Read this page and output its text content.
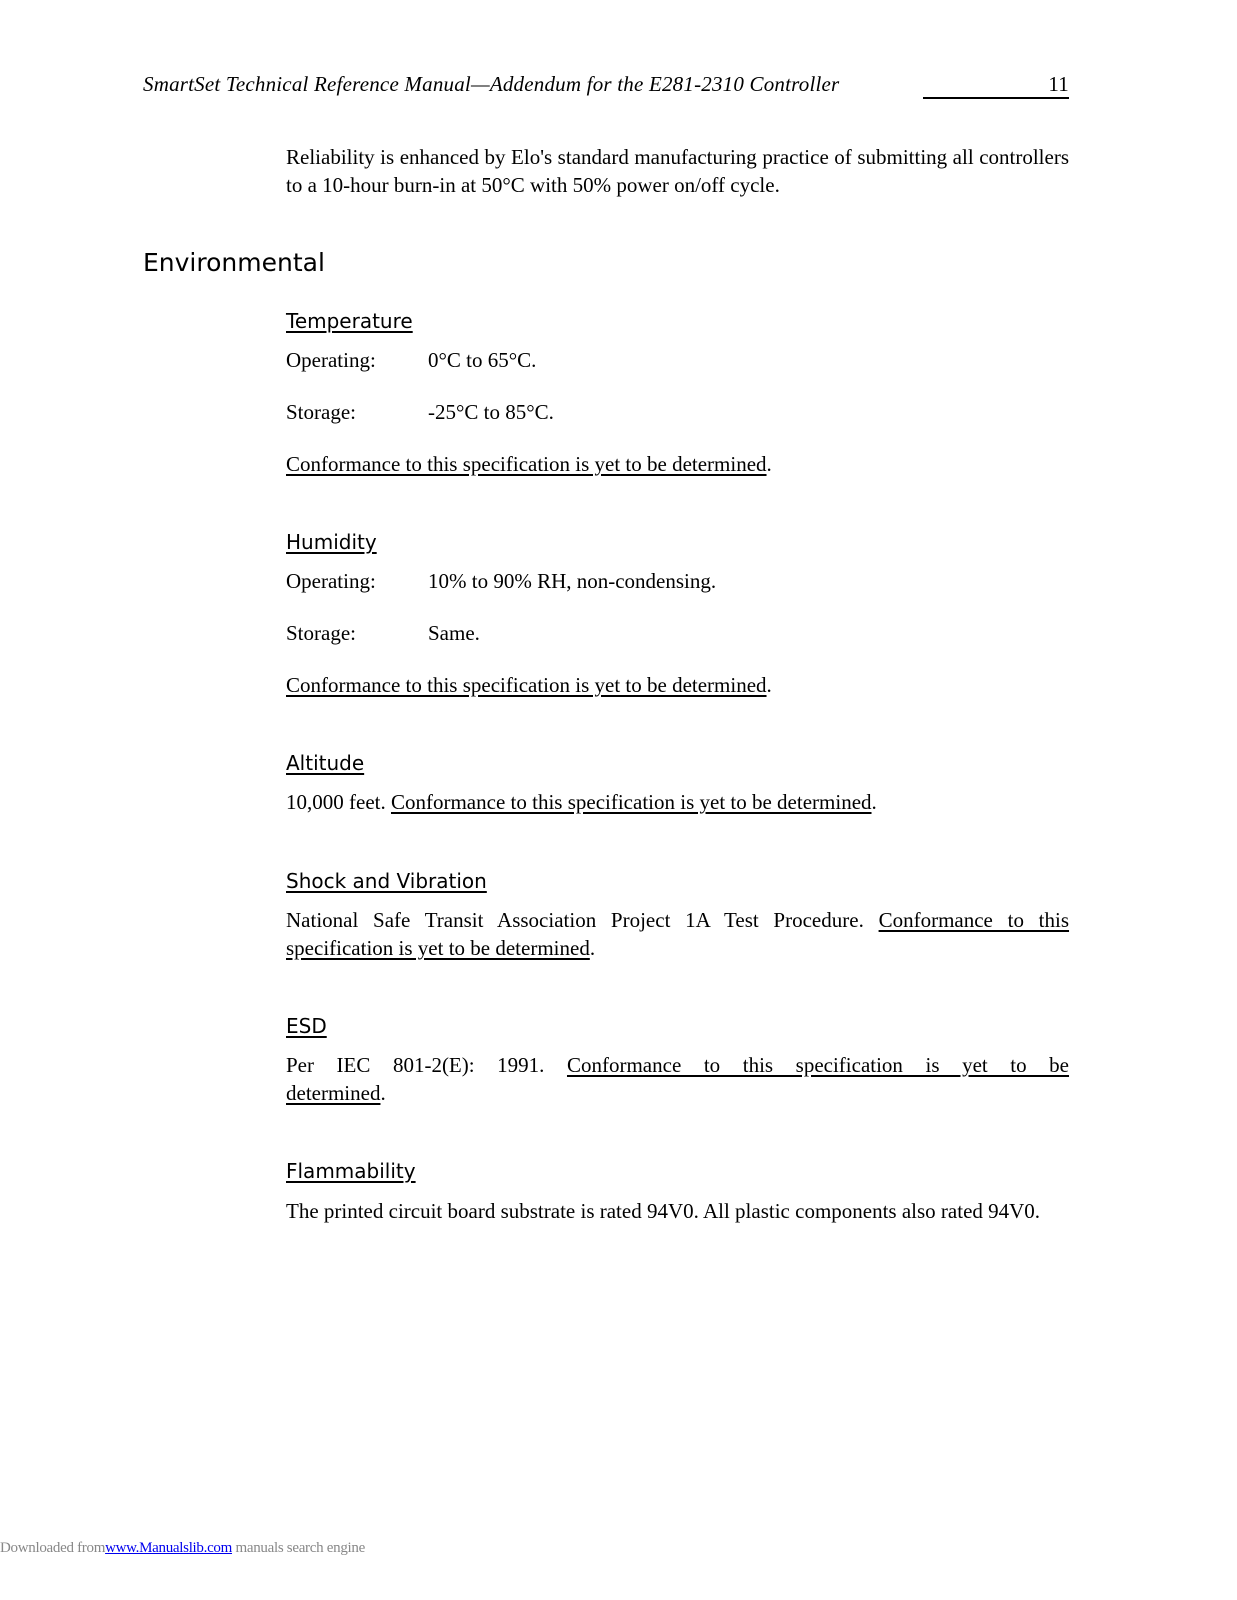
SmartSet Technical Reference Manual—Addendum for the E281-2310 Controller	11
Reliability is enhanced by Elo's standard manufacturing practice of submitting all controllers to a 10-hour burn-in at 50°C with 50% power on/off cycle.
Environmental
Temperature
Operating: 0°C to 65°C.
Storage:	-25°C to 85°C.
Conformance to this specification is yet to be determined.
Humidity
Operating: 10% to 90% RH, non-condensing.
Storage:	Same.
Conformance to this specification is yet to be determined.
Altitude
10,000 feet. Conformance to this specification is yet to be determined.
Shock and Vibration
National Safe Transit Association Project 1A Test Procedure. Conformance to this specification is yet to be determined.
ESD
Per IEC 801-2(E): 1991. Conformance to this specification is yet to be determined.
Flammability
The printed circuit board substrate is rated 94V0. All plastic components also rated 94V0.
Downloaded fromwww.Manualslib.com manuals search engine
